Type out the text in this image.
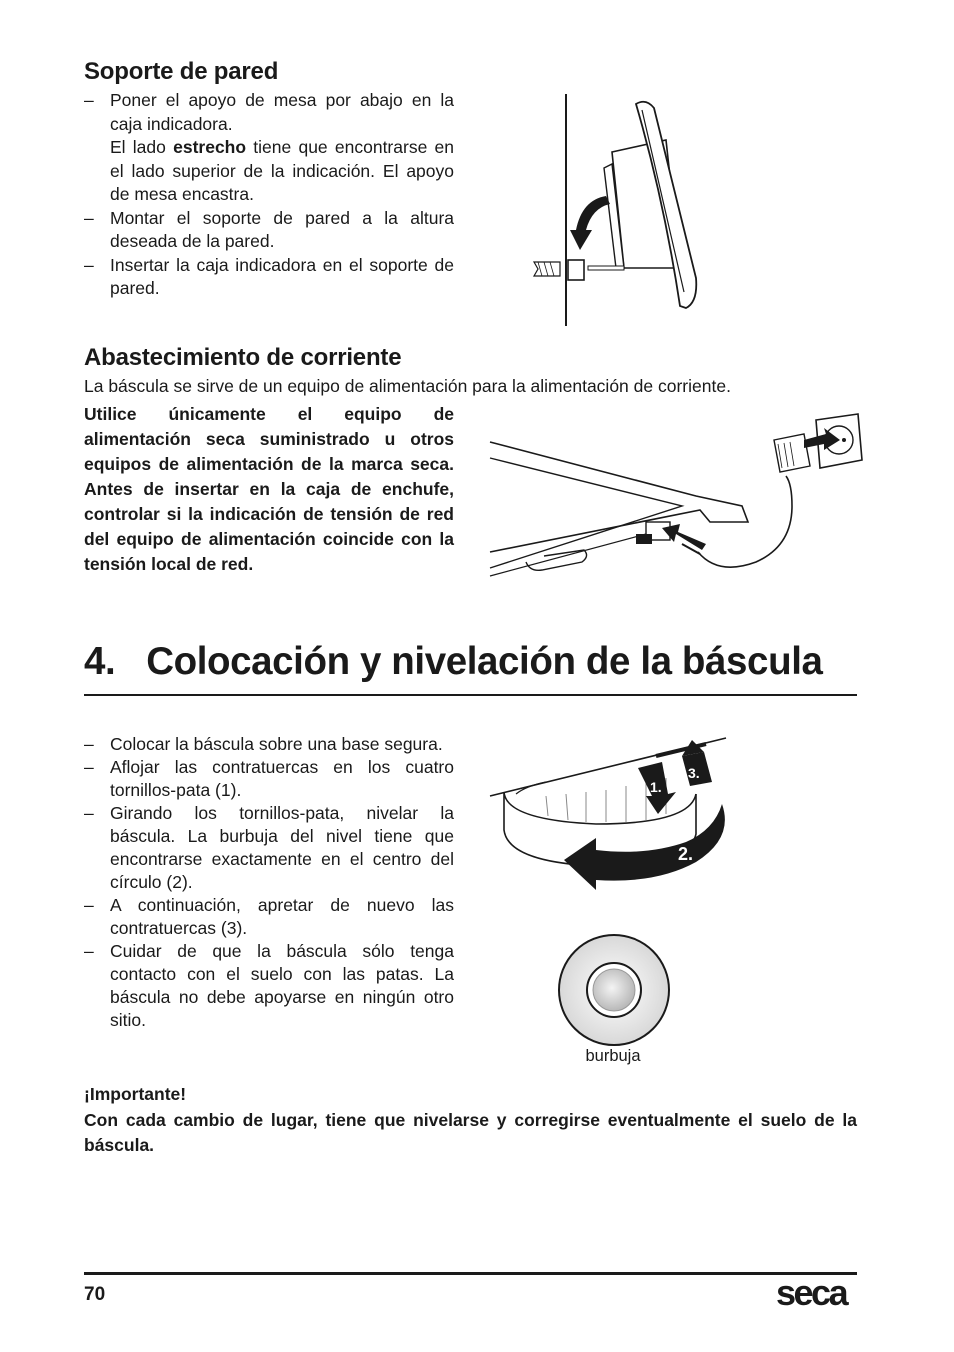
Soporte de pared
– Poner el apoyo de mesa por abajo en la caja indicadora.
El lado estrecho tiene que encontrarse en el lado superior de la indicación. El apoyo de mesa encastra.
– Montar el soporte de pared a la altura deseada de la pared.
– Insertar la caja indicadora en el soporte de pared.
Abastecimiento de corriente
La báscula se sirve de un equipo de alimentación para la alimentación de corriente.
Utilice únicamente el equipo de alimentación seca suministrado u otros equipos de alimentación de la marca seca. Antes de insertar en la caja de enchufe, controlar si la indicación de tensión de red del equipo de alimentación coincide con la tensión local de red.
4.   Colocación y nivelación de la báscula
– Colocar la báscula sobre una base segura.
– Aflojar las contratuercas en los cuatro tornillos-pata (1).
– Girando los tornillos-pata, nivelar la báscula. La burbuja del nivel tiene que encontrarse exactamente en el centro del círculo (2).
– A continuación, apretar de nuevo las contratuercas (3).
– Cuidar de que la báscula sólo tenga contacto con el suelo con las patas. La báscula no debe apoyarse en ningún otro sitio.
1.
3.
2.
burbuja
¡Importante!
Con cada cambio de lugar, tiene que nivelarse y corregirse eventualmente el suelo de la báscula.
70	seca
